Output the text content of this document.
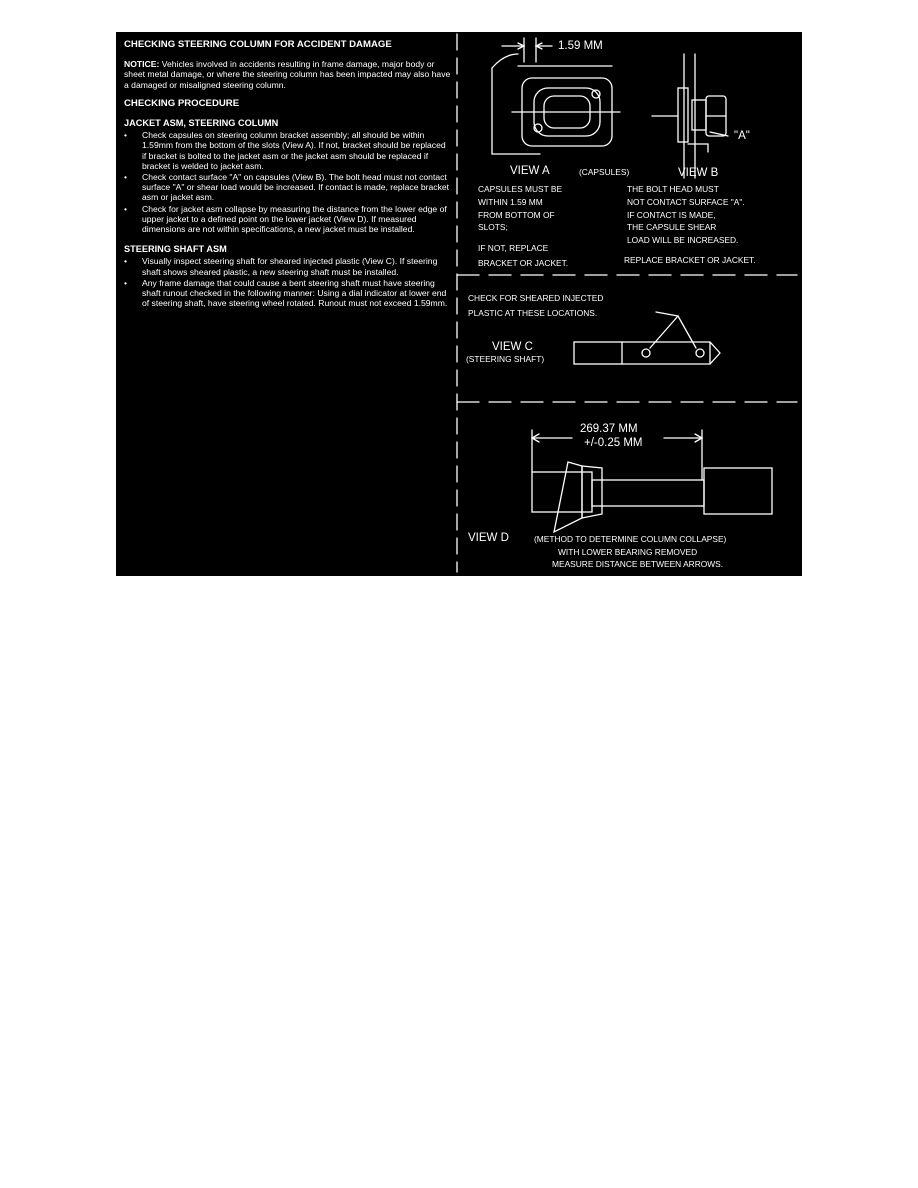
CHECKING STEERING COLUMN FOR ACCIDENT DAMAGE
NOTICE: Vehicles involved in accidents resulting in frame damage, major body or sheet metal damage, or where the steering column has been impacted may also have a damaged or misaligned steering column.
CHECKING PROCEDURE
JACKET ASM, STEERING COLUMN
• Check capsules on steering column bracket assembly; all should be within 1.59mm from the bottom of the slots (View A). If not, bracket should be replaced if bracket is bolted to the jacket asm or the jacket asm should be replaced if bracket is welded to jacket asm.
• Check contact surface "A" on capsules (View B). The bolt head must not contact surface "A" or shear load would be increased. If contact is made, replace bracket asm or jacket asm.
• Check for jacket asm collapse by measuring the distance from the lower edge of upper jacket to a defined point on the lower jacket (View D). If measured dimensions are not within specifications, a new jacket must be installed.
STEERING SHAFT ASM
• Visually inspect steering shaft for sheared injected plastic (View C). If steering shaft shows sheared plastic, a new steering shaft must be installed.
• Any frame damage that could cause a bent steering shaft must have steering shaft runout checked in the following manner: Using a dial indicator at lower end of steering shaft, have steering wheel rotated. Runout must not exceed 1.59mm.
1.59 MM
"A"
VIEW A	(CAPSULES)	VIEW B
CAPSULES MUST BE
WITHIN 1.59 MM
FROM BOTTOM OF
SLOTS;
IF NOT, REPLACE
BRACKET OR JACKET.
THE BOLT HEAD MUST
NOT CONTACT SURFACE "A".
IF CONTACT IS MADE,
THE CAPSULE SHEAR
LOAD WILL BE INCREASED.
REPLACE BRACKET OR JACKET.
CHECK FOR SHEARED INJECTED
PLASTIC AT THESE LOCATIONS.
VIEW C
(STEERING SHAFT)
269.37 MM
+/-0.25 MM
VIEW D	(METHOD TO DETERMINE COLUMN COLLAPSE)
WITH LOWER BEARING REMOVED
MEASURE DISTANCE BETWEEN ARROWS.
